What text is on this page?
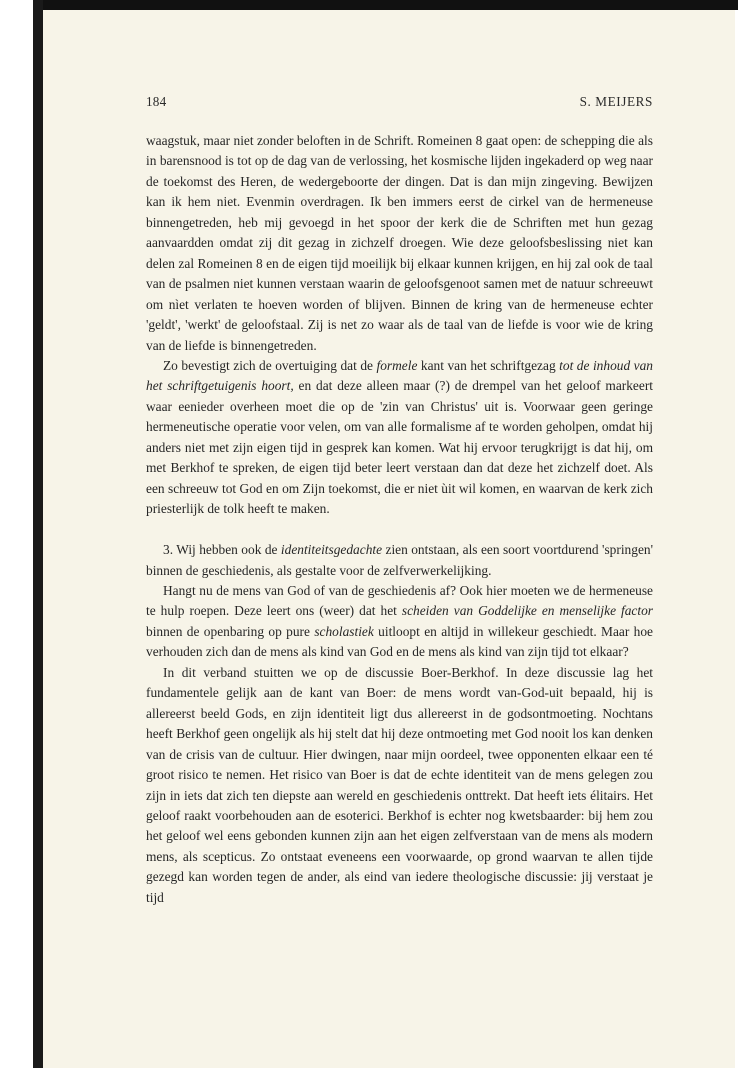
184	S. MEIJERS

waagstuk, maar niet zonder beloften in de Schrift. Romeinen 8 gaat open: de schepping die als in barensnood is tot op de dag van de verlossing, het kosmische lijden ingekaderd op weg naar de toekomst des Heren, de wedergeboorte der dingen. Dat is dan mijn zingeving. Bewijzen kan ik hem niet. Evenmin overdragen. Ik ben immers eerst de cirkel van de hermeneuse binnengetreden, heb mij gevoegd in het spoor der kerk die de Schriften met hun gezag aanvaardden omdat zij dit gezag in zichzelf droegen. Wie deze geloofsbeslissing niet kan delen zal Romeinen 8 en de eigen tijd moeilijk bij elkaar kunnen krijgen, en hij zal ook de taal van de psalmen niet kunnen verstaan waarin de geloofsgenoot samen met de natuur schreeuwt om nìet verlaten te hoeven worden of blijven. Binnen de kring van de hermeneuse echter 'geldt', 'werkt' de geloofstaal. Zij is net zo waar als de taal van de liefde is voor wie de kring van de liefde is binnengetreden.

Zo bevestigt zich de overtuiging dat de formele kant van het schriftgezag tot de inhoud van het schriftgetuigenis hoort, en dat deze alleen maar (?) de drempel van het geloof markeert waar eenieder overheen moet die op de 'zin van Christus' uit is. Voorwaar geen geringe hermeneutische operatie voor velen, om van alle formalisme af te worden geholpen, omdat hij anders niet met zijn eigen tijd in gesprek kan komen. Wat hij ervoor terugkrijgt is dat hij, om met Berkhof te spreken, de eigen tijd beter leert verstaan dan dat deze het zichzelf doet. Als een schreeuw tot God en om Zijn toekomst, die er niet ùit wil komen, en waarvan de kerk zich priesterlijk de tolk heeft te maken.

3. Wij hebben ook de identiteitsgedachte zien ontstaan, als een soort voortdurend 'springen' binnen de geschiedenis, als gestalte voor de zelfverwerkelijking.

Hangt nu de mens van God of van de geschiedenis af? Ook hier moeten we de hermeneuse te hulp roepen. Deze leert ons (weer) dat het scheiden van Goddelijke en menselijke factor binnen de openbaring op pure scholastiek uitloopt en altijd in willekeur geschiedt. Maar hoe verhouden zich dan de mens als kind van God en de mens als kind van zijn tijd tot elkaar?

In dit verband stuitten we op de discussie Boer-Berkhof. In deze discussie lag het fundamentele gelijk aan de kant van Boer: de mens wordt van-God-uit bepaald, hij is allereerst beeld Gods, en zijn identiteit ligt dus allereerst in de godsontmoeting. Nochtans heeft Berkhof geen ongelijk als hij stelt dat hij deze ontmoeting met God nooit los kan denken van de crisis van de cultuur. Hier dwingen, naar mijn oordeel, twee opponenten elkaar een té groot risico te nemen. Het risico van Boer is dat de echte identiteit van de mens gelegen zou zijn in iets dat zich ten diepste aan wereld en geschiedenis onttrekt. Dat heeft iets élitairs. Het geloof raakt voorbehouden aan de esoterici. Berkhof is echter nog kwetsbaarder: bij hem zou het geloof wel eens gebonden kunnen zijn aan het eigen zelfverstaan van de mens als modern mens, als scepticus. Zo ontstaat eveneens een voorwaarde, op grond waarvan te allen tijde gezegd kan worden tegen de ander, als eind van iedere theologische discussie: jij verstaat je tijd
